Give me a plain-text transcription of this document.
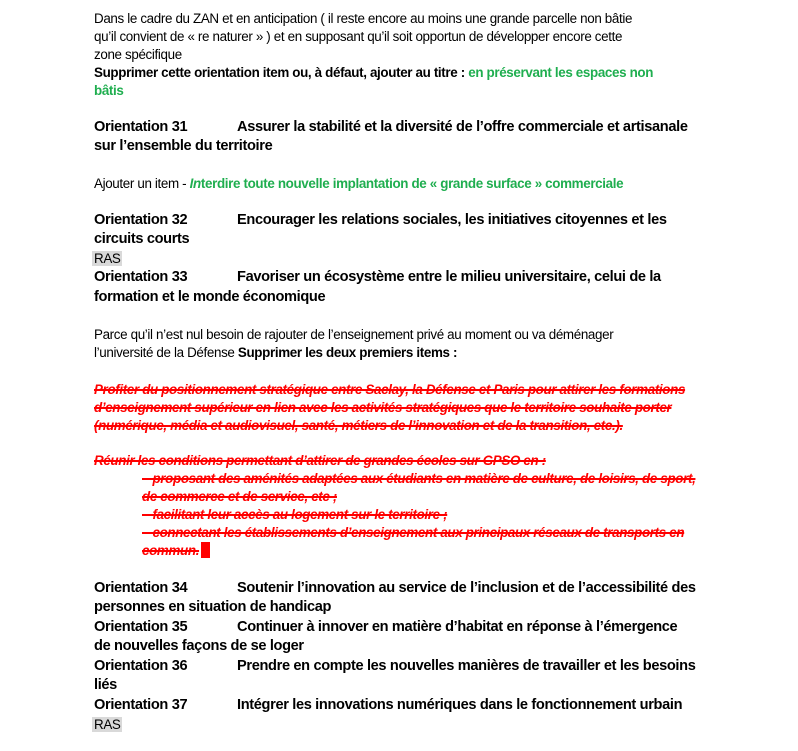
Dans le cadre du ZAN et en anticipation ( il reste encore au moins une grande parcelle non bâtie
qu’il convient de « re naturer » ) et en supposant qu’il soit opportun de développer encore cette
zone spécifique
Supprimer cette orientation item ou, à défaut, ajouter au titre : en préservant les espaces non
bâtis
Orientation 31	Assurer la stabilité et la diversité de l’offre commerciale et artisanale
sur l’ensemble du territoire
Ajouter un item - Interdire toute nouvelle implantation de « grande surface » commerciale
Orientation 32	Encourager les relations sociales, les initiatives citoyennes et les
circuits courts
RAS
Orientation 33	Favoriser un écosystème entre le milieu universitaire, celui de la
formation et le monde économique
Parce qu’il n’est nul besoin de rajouter de l’enseignement privé au moment ou va déménager
l’université de la Défense Supprimer les deux premiers items :
Profiter du positionnement stratégique entre Saclay, la Défense et Paris pour attirer les formations
d’enseignement supérieur en lien avec les activités stratégiques que le territoire souhaite porter
(numérique, média et audiovisuel, santé, métiers de l’innovation et de la transition, etc.).
Réunir les conditions permettant d’attirer de grandes écoles sur GPSO en :
– proposant des aménités adaptées aux étudiants en matière de culture, de loisirs, de sport,
de commerce et de service, etc ;
– facilitant leur accès au logement sur le territoire ;
– connectant les établissements d’enseignement aux principaux réseaux de transports en
commun.
Orientation 34	Soutenir l’innovation au service de l’inclusion et de l’accessibilité des
personnes en situation de handicap
Orientation 35	Continuer à innover en matière d’habitat en réponse à l’émergence
de nouvelles façons de se loger
Orientation 36	Prendre en compte les nouvelles manières de travailler et les besoins
liés
Orientation 37	Intégrer les innovations numériques dans le fonctionnement urbain
RAS
